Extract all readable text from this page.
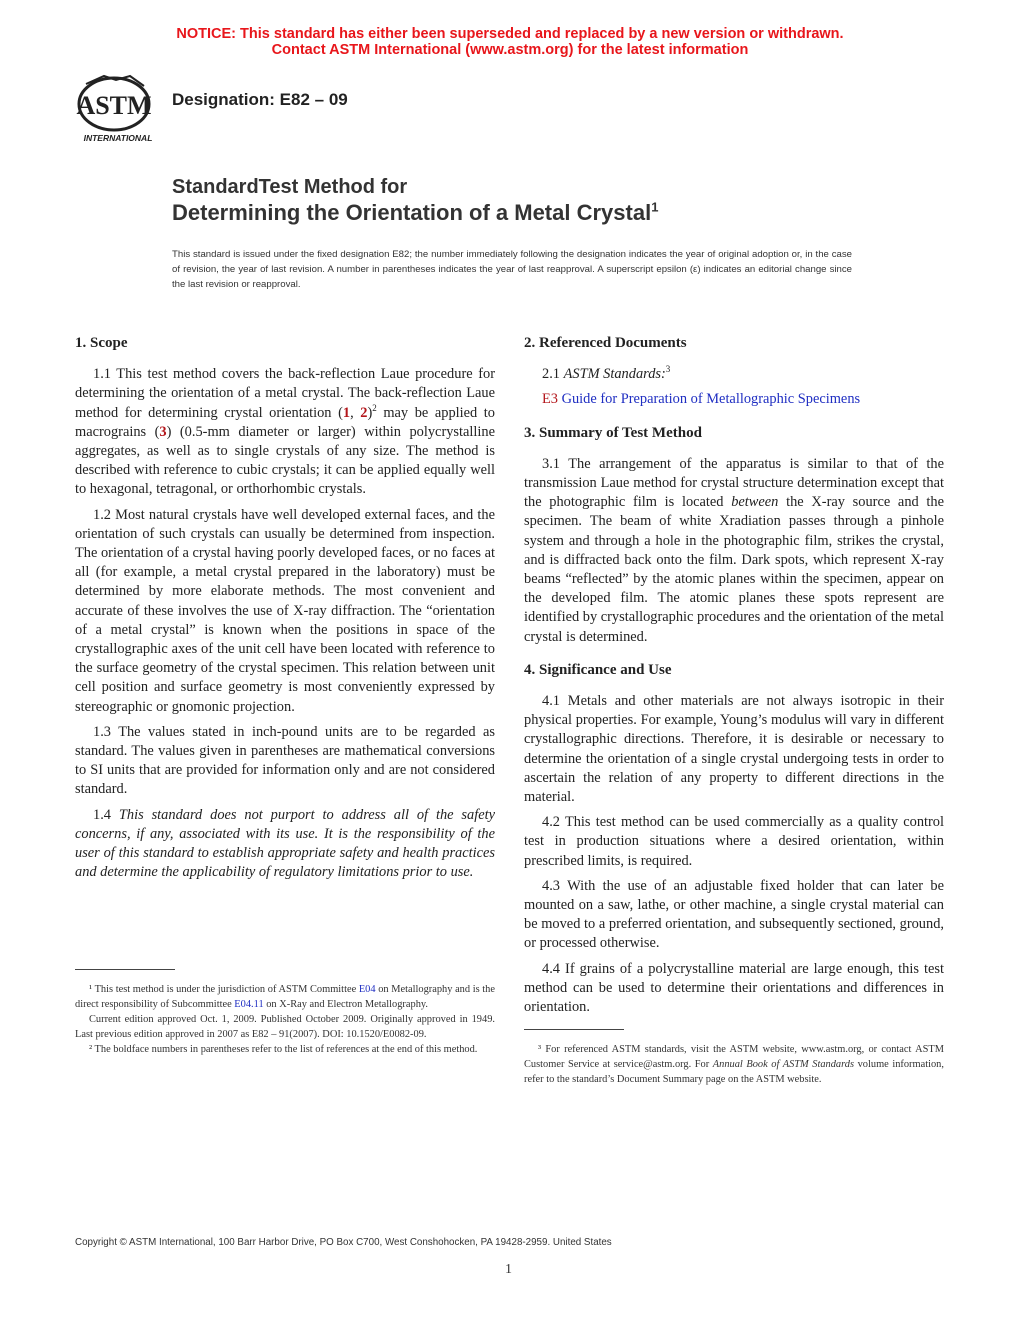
NOTICE: This standard has either been superseded and replaced by a new version or withdrawn.
Contact ASTM International (www.astm.org) for the latest information
ASTM
INTERNATIONAL
Designation: E82 – 09
StandardTest Method for
Determining the Orientation of a Metal Crystal$^1$
This standard is issued under the fixed designation E82; the number immediately following the designation indicates the year of original adoption or, in the case of revision, the year of last revision. A number in parentheses indicates the year of last reapproval. A superscript epsilon (ε) indicates an editorial change since the last revision or reapproval.
1. Scope

1.1 This test method covers the back-reflection Laue procedure for determining the orientation of a metal crystal. The back-reflection Laue method for determining crystal orientation (1, 2)$^2$ may be applied to macrograins (3) (0.5-mm diameter or larger) within polycrystalline aggregates, as well as to single crystals of any size. The method is described with reference to cubic crystals; it can be applied equally well to hexagonal, tetragonal, or orthorhombic crystals.

1.2 Most natural crystals have well developed external faces, and the orientation of such crystals can usually be determined from inspection. The orientation of a crystal having poorly developed faces, or no faces at all (for example, a metal crystal prepared in the laboratory) must be determined by more elaborate methods. The most convenient and accurate of these involves the use of X-ray diffraction. The “orientation of a metal crystal” is known when the positions in space of the crystallographic axes of the unit cell have been located with reference to the surface geometry of the crystal specimen. This relation between unit cell position and surface geometry is most conveniently expressed by stereographic or gnomonic projection.

1.3 The values stated in inch-pound units are to be regarded as standard. The values given in parentheses are mathematical conversions to SI units that are provided for information only and are not considered standard.

1.4 This standard does not purport to address all of the safety concerns, if any, associated with its use. It is the responsibility of the user of this standard to establish appropriate safety and health practices and determine the applicability of regulatory limitations prior to use.

¹ This test method is under the jurisdiction of ASTM Committee E04 on Metallography and is the direct responsibility of Subcommittee E04.11 on X-Ray and Electron Metallography.

Current edition approved Oct. 1, 2009. Published October 2009. Originally approved in 1949. Last previous edition approved in 2007 as E82 – 91(2007). DOI: 10.1520/E0082-09.

² The boldface numbers in parentheses refer to the list of references at the end of this method.

2. Referenced Documents

2.1 ASTM Standards:$^3$

E3 Guide for Preparation of Metallographic Specimens

3. Summary of Test Method

3.1 The arrangement of the apparatus is similar to that of the transmission Laue method for crystal structure determination except that the photographic film is located between the X-ray source and the specimen. The beam of white Xradiation passes through a pinhole system and through a hole in the photographic film, strikes the crystal, and is diffracted back onto the film. Dark spots, which represent X-ray beams “reflected” by the atomic planes within the specimen, appear on the developed film. The atomic planes these spots represent are identified by crystallographic procedures and the orientation of the metal crystal is determined.

4. Significance and Use

4.1 Metals and other materials are not always isotropic in their physical properties. For example, Young’s modulus will vary in different crystallographic directions. Therefore, it is desirable or necessary to determine the orientation of a single crystal undergoing tests in order to ascertain the relation of any property to different directions in the material.

4.2 This test method can be used commercially as a quality control test in production situations where a desired orientation, within prescribed limits, is required.

4.3 With the use of an adjustable fixed holder that can later be mounted on a saw, lathe, or other machine, a single crystal material can be moved to a preferred orientation, and subsequently sectioned, ground, or processed otherwise.

4.4 If grains of a polycrystalline material are large enough, this test method can be used to determine their orientations and differences in orientation.

³ For referenced ASTM standards, visit the ASTM website, www.astm.org, or contact ASTM Customer Service at service@astm.org. For Annual Book of ASTM Standards volume information, refer to the standard’s Document Summary page on the ASTM website.

Copyright © ASTM International, 100 Barr Harbor Drive, PO Box C700, West Conshohocken, PA 19428-2959. United States
1
